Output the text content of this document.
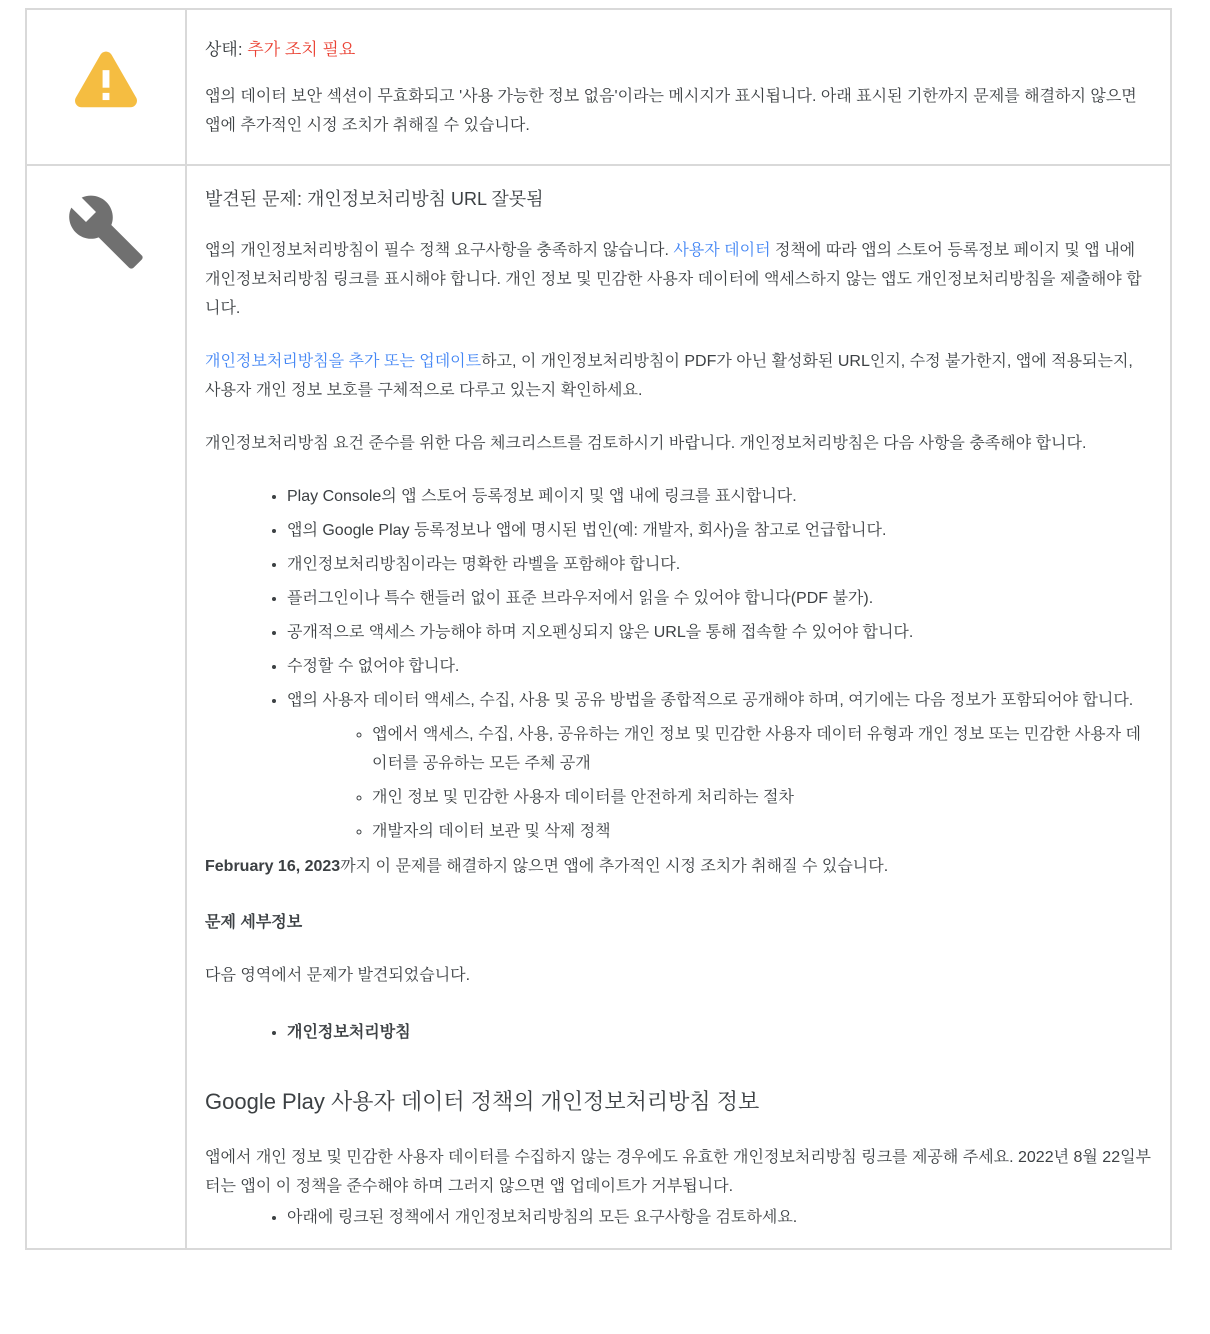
상태: 추가 조치 필요

앱의 데이터 보안 섹션이 무효화되고 '사용 가능한 정보 없음'이라는 메시지가 표시됩니다. 아래 표시된 기한까지 문제를 해결하지 않으면 앱에 추가적인 시정 조치가 취해질 수 있습니다.

발견된 문제: 개인정보처리방침 URL 잘못됨

앱의 개인정보처리방침이 필수 정책 요구사항을 충족하지 않습니다. 사용자 데이터 정책에 따라 앱의 스토어 등록정보 페이지 및 앱 내에 개인정보처리방침 링크를 표시해야 합니다. 개인 정보 및 민감한 사용자 데이터에 액세스하지 않는 앱도 개인정보처리방침을 제출해야 합니다.

개인정보처리방침을 추가 또는 업데이트하고, 이 개인정보처리방침이 PDF가 아닌 활성화된 URL인지, 수정 불가한지, 앱에 적용되는지, 사용자 개인 정보 보호를 구체적으로 다루고 있는지 확인하세요.

개인정보처리방침 요건 준수를 위한 다음 체크리스트를 검토하시기 바랍니다. 개인정보처리방침은 다음 사항을 충족해야 합니다.

• Play Console의 앱 스토어 등록정보 페이지 및 앱 내에 링크를 표시합니다.
• 앱의 Google Play 등록정보나 앱에 명시된 법인(예: 개발자, 회사)을 참고로 언급합니다.
• 개인정보처리방침이라는 명확한 라벨을 포함해야 합니다.
• 플러그인이나 특수 핸들러 없이 표준 브라우저에서 읽을 수 있어야 합니다(PDF 불가).
• 공개적으로 액세스 가능해야 하며 지오펜싱되지 않은 URL을 통해 접속할 수 있어야 합니다.
• 수정할 수 없어야 합니다.
• 앱의 사용자 데이터 액세스, 수집, 사용 및 공유 방법을 종합적으로 공개해야 하며, 여기에는 다음 정보가 포함되어야 합니다.
◦ 앱에서 액세스, 수집, 사용, 공유하는 개인 정보 및 민감한 사용자 데이터 유형과 개인 정보 또는 민감한 사용자 데이터를 공유하는 모든 주체 공개
◦ 개인 정보 및 민감한 사용자 데이터를 안전하게 처리하는 절차
◦ 개발자의 데이터 보관 및 삭제 정책

February 16, 2023까지 이 문제를 해결하지 않으면 앱에 추가적인 시정 조치가 취해질 수 있습니다.

문제 세부정보

다음 영역에서 문제가 발견되었습니다.

• 개인정보처리방침
Google Play 사용자 데이터 정책의 개인정보처리방침 정보

앱에서 개인 정보 및 민감한 사용자 데이터를 수집하지 않는 경우에도 유효한 개인정보처리방침 링크를 제공해 주세요. 2022년 8월 22일부터는 앱이 이 정책을 준수해야 하며 그러지 않으면 앱 업데이트가 거부됩니다.

• 아래에 링크된 정책에서 개인정보처리방침의 모든 요구사항을 검토하세요.
